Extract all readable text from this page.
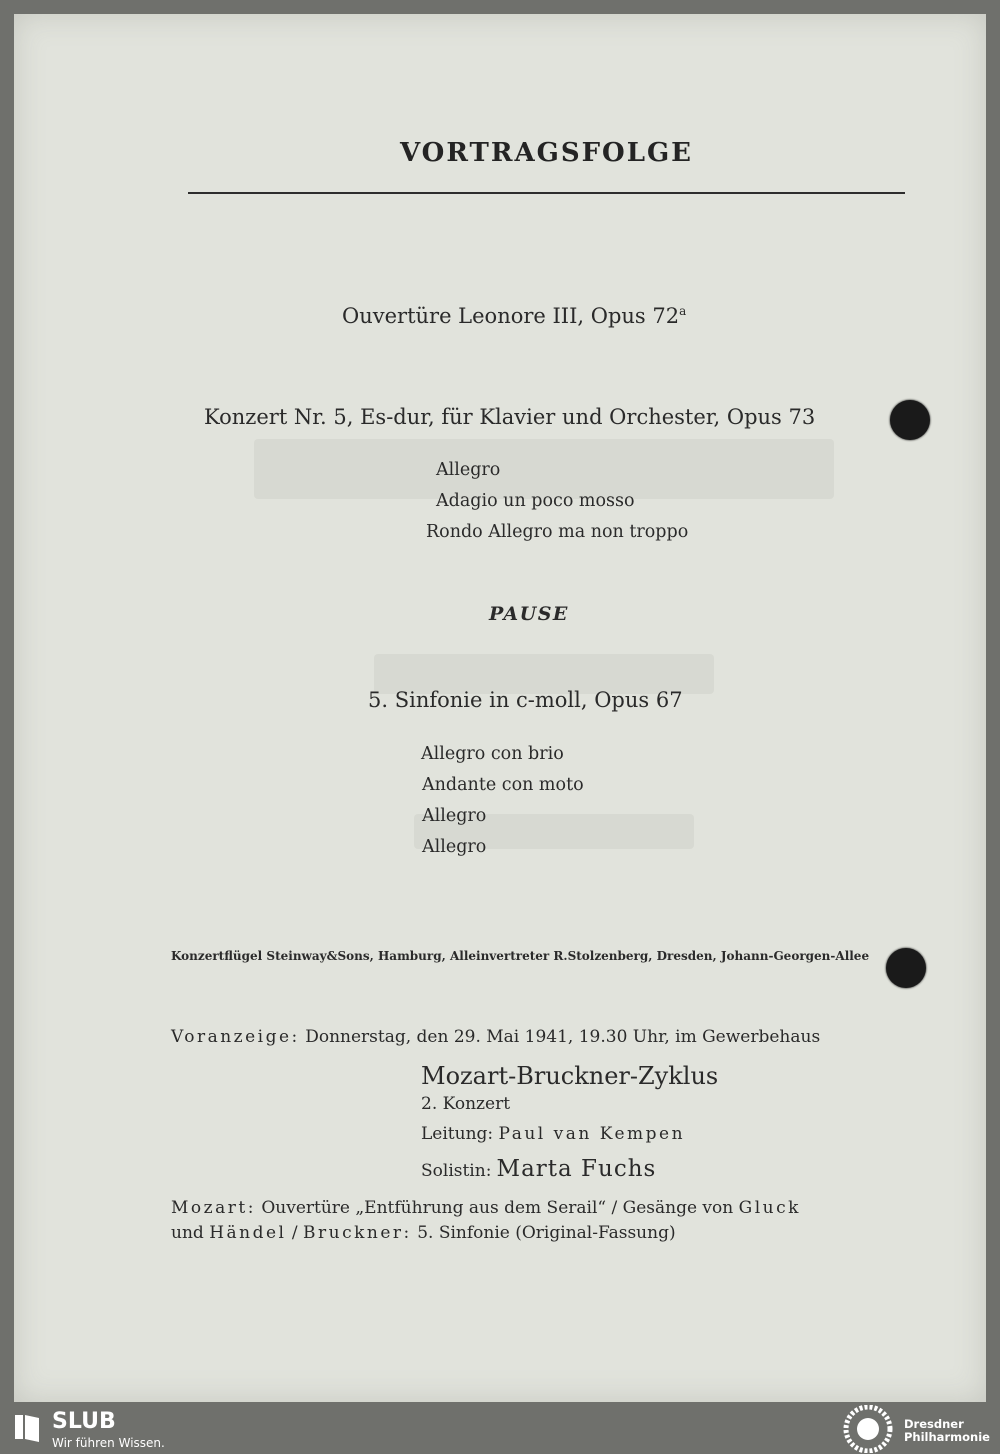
VORTRAGSFOLGE
Ouvertüre Leonore III, Opus 72$^a$
Konzert Nr. 5, Es-dur, für Klavier und Orchester, Opus 73
Allegro
Adagio un poco mosso
Rondo Allegro ma non troppo
PAUSE
5. Sinfonie in c-moll, Opus 67
Allegro con brio
Andante con moto
Allegro
Allegro
Konzertflügel Steinway&Sons, Hamburg, Alleinvertreter R.Stolzenberg, Dresden, Johann-Georgen-Allee
Voranzeige: Donnerstag, den 29. Mai 1941, 19.30 Uhr, im Gewerbehaus
Mozart-Bruckner-Zyklus
2. Konzert
Leitung: Paul van Kempen
Solistin: Marta Fuchs
Mozart: Ouvertüre „Entführung aus dem Serail“ / Gesänge von Gluck
und Händel / Bruckner: 5. Sinfonie (Original-Fassung)
SLUB
Wir führen Wissen.
Dresdner
Philharmonie
